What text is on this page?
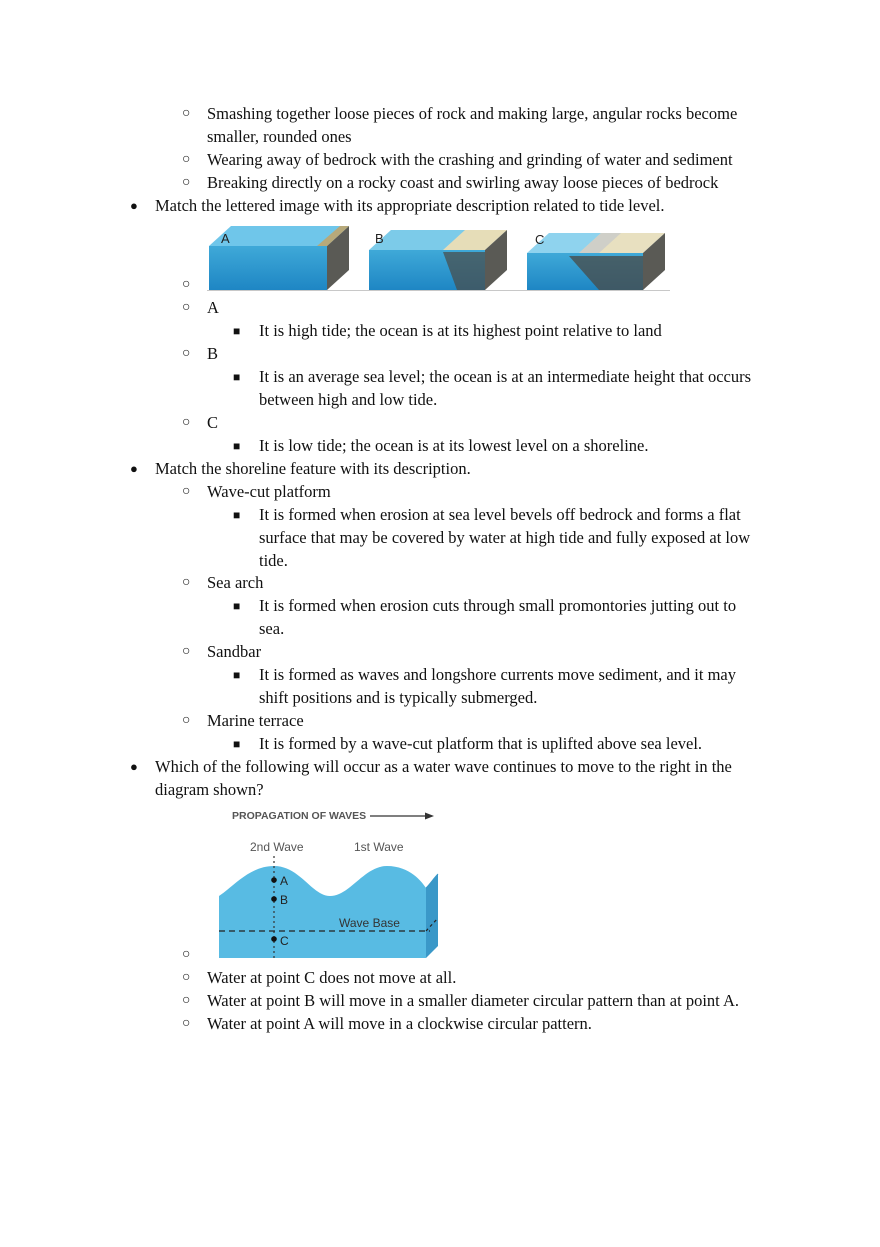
○ Smashing together loose pieces of rock and making large, angular rocks become
smaller, rounded ones
○ Wearing away of bedrock with the crashing and grinding of water and sediment
○ Breaking directly on a rocky coast and swirling away loose pieces of bedrock
● Match the lettered image with its appropriate description related to tide level.
A	B	C
○
○ A
■ It is high tide; the ocean is at its highest point relative to land
○ B
■ It is an average sea level; the ocean is at an intermediate height that occurs
between high and low tide.
○ C
■ It is low tide; the ocean is at its lowest level on a shoreline.
● Match the shoreline feature with its description.
○ Wave-cut platform
■ It is formed when erosion at sea level bevels off bedrock and forms a flat
surface that may be covered by water at high tide and fully exposed at low
tide.
○ Sea arch
■ It is formed when erosion cuts through small promontories jutting out to
sea.
○ Sandbar
■ It is formed as waves and longshore currents move sediment, and it may
shift positions and is typically submerged.
○ Marine terrace
■ It is formed by a wave-cut platform that is uplifted above sea level.
● Which of the following will occur as a water wave continues to move to the right in the
diagram shown?
PROPAGATION OF WAVES
2nd Wave	1st Wave
A
B
C
Wave Base
○
○ Water at point C does not move at all.
○ Water at point B will move in a smaller diameter circular pattern than at point A.
○ Water at point A will move in a clockwise circular pattern.
